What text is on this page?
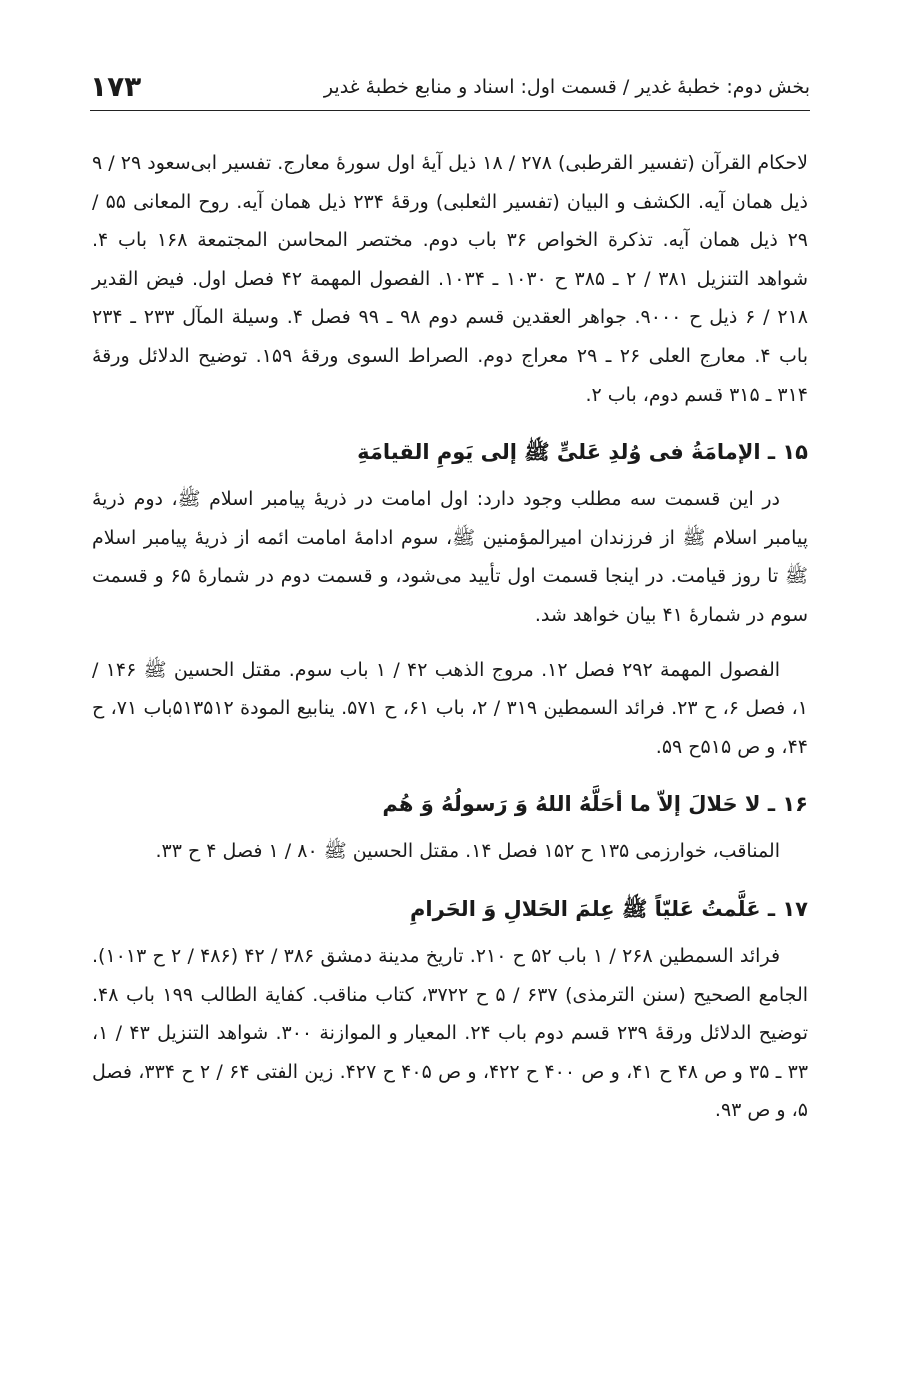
بخش دوم: خطبهٔ غدیر / قسمت اول: اسناد و منابع خطبهٔ غدیر
۱۷۳

لاحکام القرآن (تفسیر القرطبی) ۲۷۸ / ۱۸ ذیل آیهٔ اول سورهٔ معارج. تفسیر ابی‌سعود ۲۹ / ۹ ذیل همان آیه. الکشف و البیان (تفسیر الثعلبی) ورقهٔ ۲۳۴ ذیل همان آیه. روح المعانی ۵۵ / ۲۹ ذیل همان آیه. تذکرة الخواص ۳۶ باب دوم. مختصر المحاسن المجتمعة ۱۶۸ باب ۴. شواهد التنزیل ۳۸۱ / ۲ ـ ۳۸۵ ح ۱۰۳۰ ـ ۱۰۳۴. الفصول المهمة ۴۲ فصل اول. فیض القدیر ۲۱۸ / ۶ ذیل ح ۹۰۰۰. جواهر العقدین قسم دوم ۹۸ ـ ۹۹ فصل ۴. وسیلة المآل ۲۳۳ ـ ۲۳۴ باب ۴. معارج العلی ۲۶ ـ ۲۹ معراج دوم. الصراط السوی ورقهٔ ۱۵۹. توضیح الدلائل ورقهٔ ۳۱۴ ـ ۳۱۵ قسم دوم، باب ۲.

۱۵ ـ الإمامَةُ فی وُلدِ عَلیٍّ ﷺ إلی یَومِ القیامَةِ

در این قسمت سه مطلب وجود دارد: اول امامت در ذریهٔ پیامبر اسلام ﷺ، دوم ذریهٔ پیامبر اسلام ﷺ از فرزندان امیرالمؤمنین ﷺ، سوم ادامهٔ امامت ائمه از ذریهٔ پیامبر اسلام ﷺ تا روز قیامت. در اینجا قسمت اول تأیید می‌شود، و قسمت دوم در شمارهٔ ۶۵ و قسمت سوم در شمارهٔ ۴۱ بیان خواهد شد.

الفصول المهمة ۲۹۲ فصل ۱۲. مروج الذهب ۴۲ / ۱ باب سوم. مقتل الحسین ﷺ ۱۴۶ / ۱، فصل ۶، ح ۲۳. فرائد السمطین ۳۱۹ / ۲، باب ۶۱، ح ۵۷۱. ینابیع المودة ۵۱۳۵۱۲باب ۷۱، ح ۴۴، و ص ۵۱۵ح ۵۹.

۱۶ ـ لا حَلالَ إلاّ ما أحَلَّهُ اللهُ وَ رَسولُهُ وَ هُم

المناقب، خوارزمی ۱۳۵ ح ۱۵۲ فصل ۱۴. مقتل الحسین ﷺ ۸۰ / ۱ فصل ۴ ح ۳۳.

۱۷ ـ عَلَّمتُ عَلیّاً ﷺ عِلمَ الحَلالِ وَ الحَرامِ

فرائد السمطین ۲۶۸ / ۱ باب ۵۲ ح ۲۱۰. تاریخ مدینة دمشق ۳۸۶ / ۴۲ (۴۸۶ / ۲ ح ۱۰۱۳). الجامع الصحیح (سنن الترمذی) ۶۳۷ / ۵ ح ۳۷۲۲، کتاب مناقب. کفایة الطالب ۱۹۹ باب ۴۸. توضیح الدلائل ورقهٔ ۲۳۹ قسم دوم باب ۲۴. المعیار و الموازنة ۳۰۰. شواهد التنزیل ۴۳ / ۱، ۳۳ ـ ۳۵ و ص ۴۸ ح ۴۱، و ص ۴۰۰ ح ۴۲۲، و ص ۴۰۵ ح ۴۲۷. زین الفتی ۶۴ / ۲ ح ۳۳۴، فصل ۵، و ص ۹۳.
